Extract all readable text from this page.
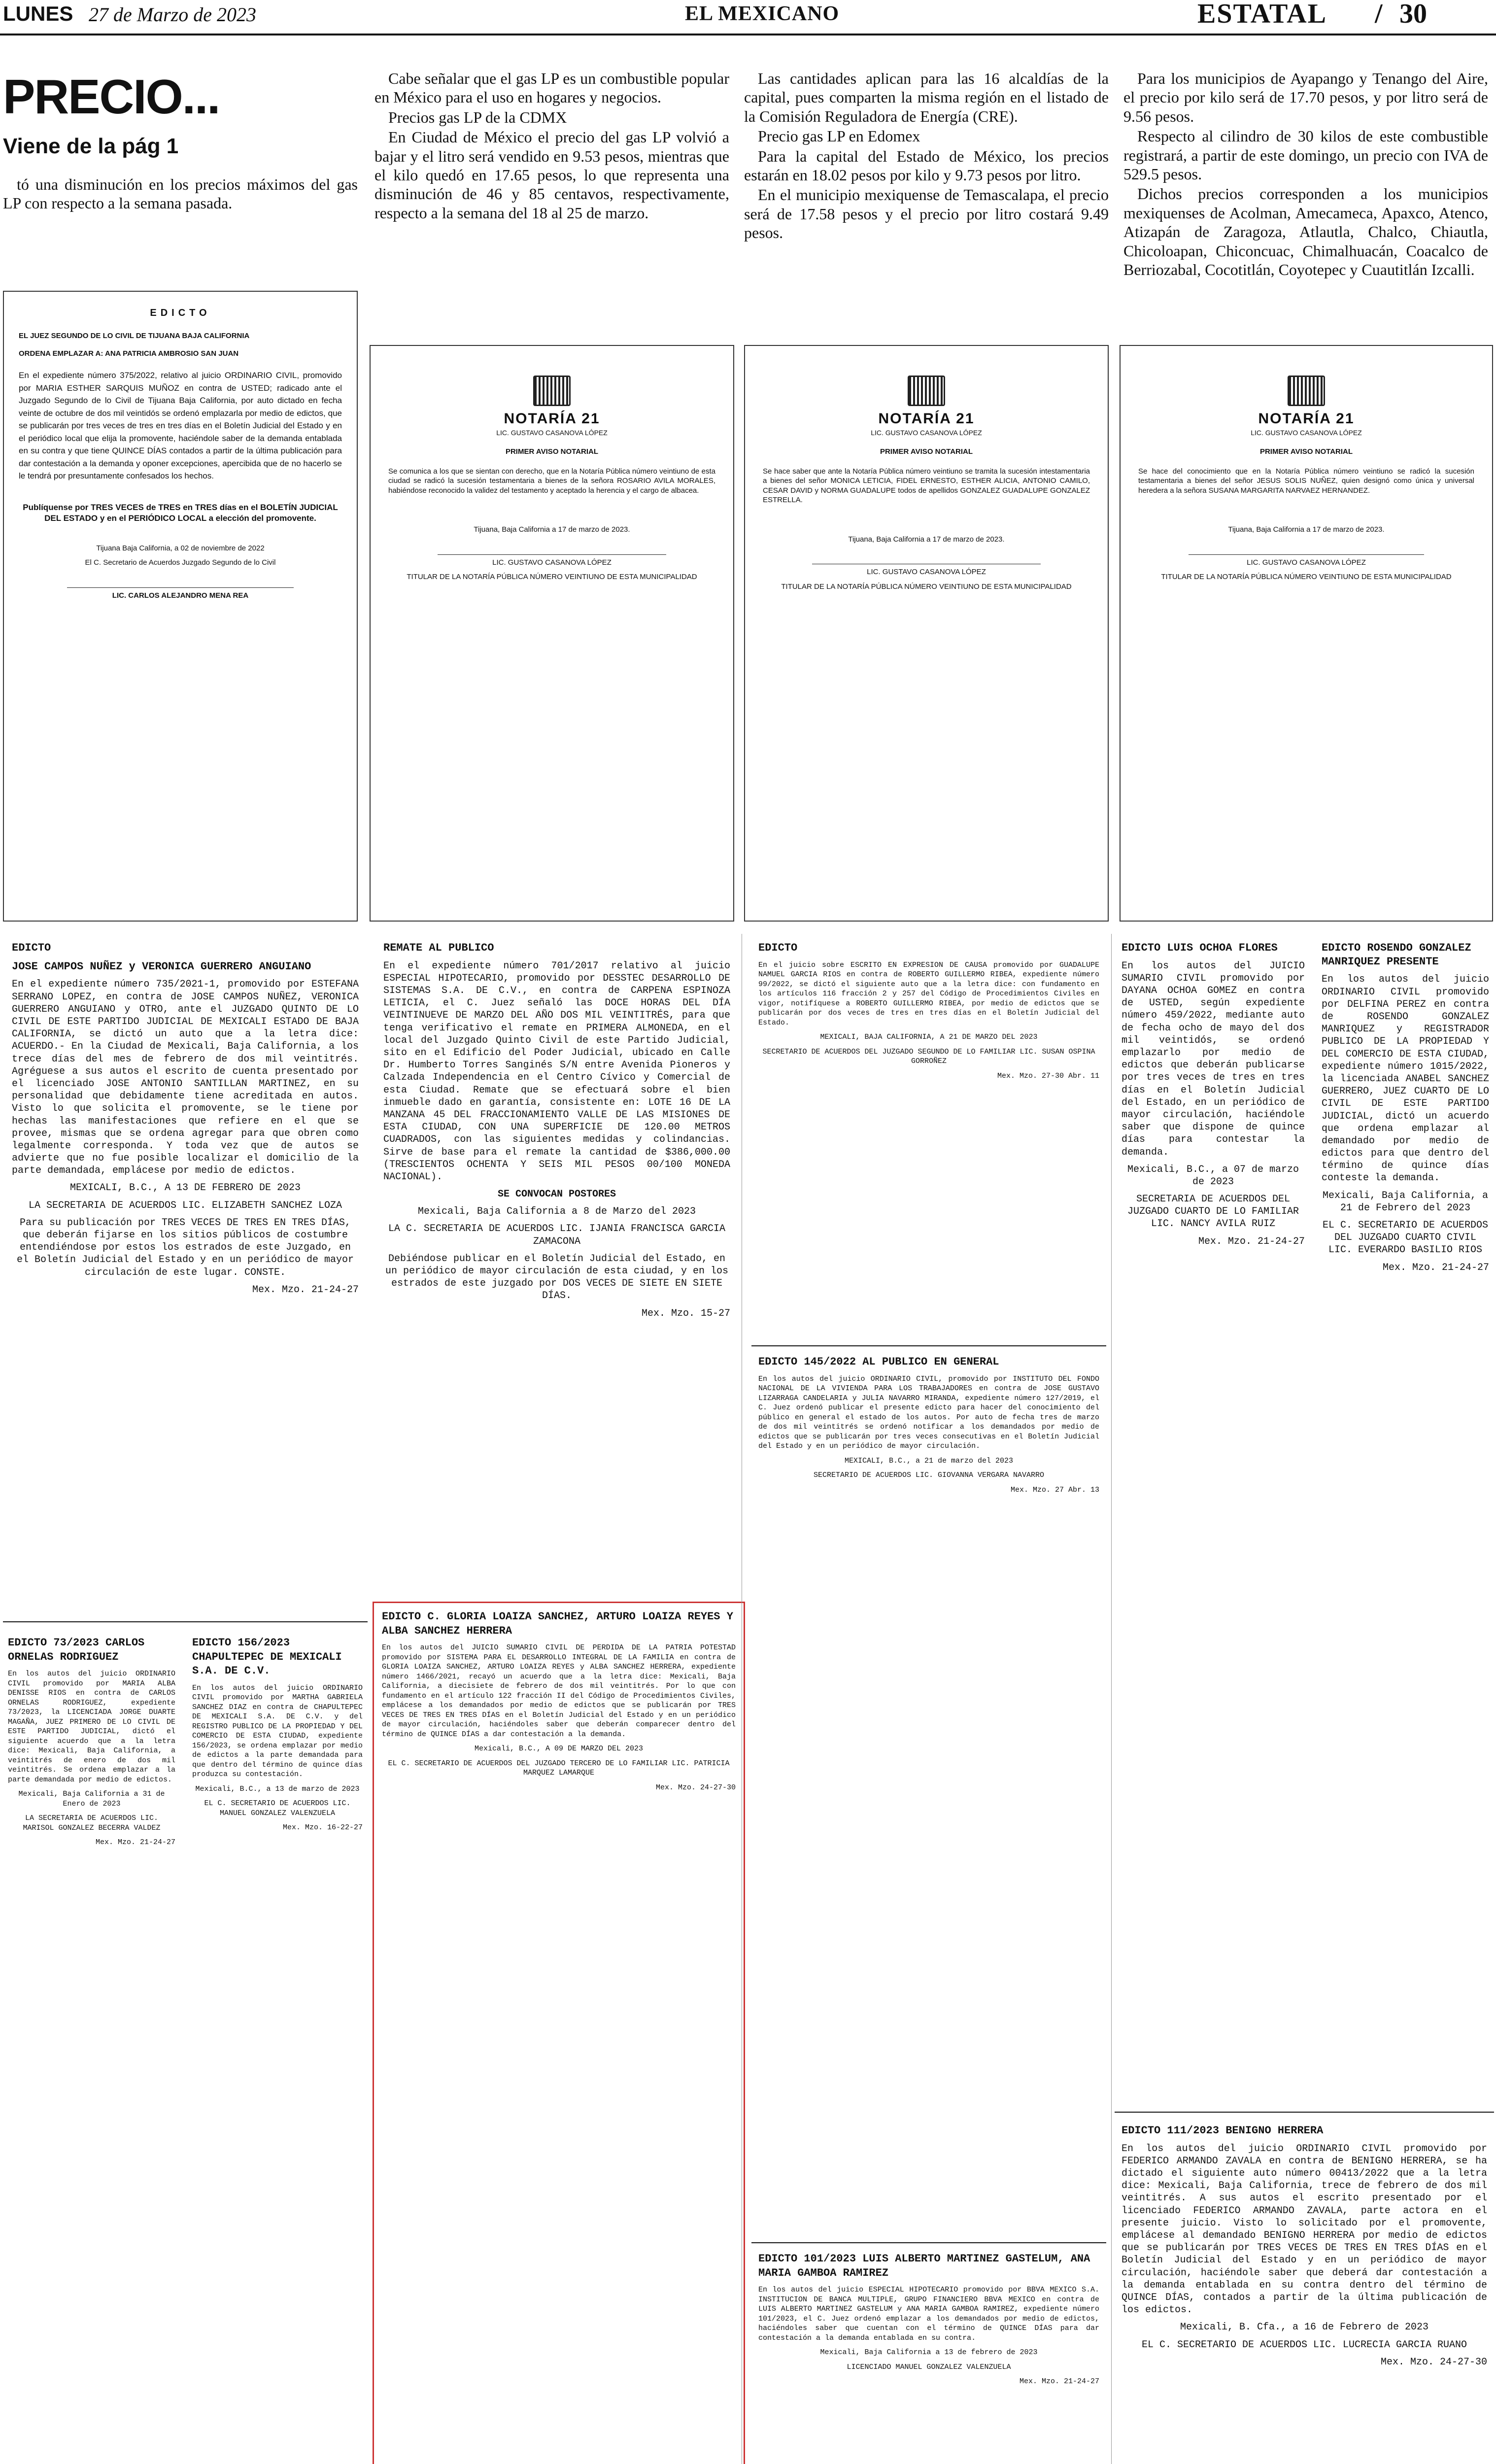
LUNES 27 de Marzo de 2023	EL MEXICANO	ESTATAL / 30
PRECIO...
Viene de la pág 1

tó una disminución en los precios máximos del gas LP con respecto a la semana pasada.

Cabe señalar que el gas LP es un combustible popular en México para el uso en hogares y negocios.

Precios gas LP de la CDMX

En Ciudad de México el precio del gas LP volvió a bajar y el litro será vendido en 9.53 pesos, mientras que el kilo quedó en 17.65 pesos, lo que representa una disminución de 46 y 85 centavos, respectivamente, respecto a la semana del 18 al 25 de marzo.

Las cantidades aplican para las 16 alcaldías de la capital, pues comparten la misma región en el listado de la Comisión Reguladora de Energía (CRE).

Precio gas LP en Edomex

Para la capital del Estado de México, los precios estarán en 18.02 pesos por kilo y 9.73 pesos por litro.

En el municipio mexiquense de Temascalapa, el precio será de 17.58 pesos y el precio por litro costará 9.49 pesos.

Para los municipios de Ayapango y Tenango del Aire, el precio por kilo será de 17.70 pesos, y por litro será de 9.56 pesos.

Respecto al cilindro de 30 kilos de este combustible registrará, a partir de este domingo, un precio con IVA de 529.5 pesos.

Dichos precios corresponden a los municipios mexiquenses de Acolman, Amecameca, Apaxco, Atenco, Atizapán de Zaragoza, Atlautla, Chalco, Chiautla, Chicoloapan, Chiconcuac, Chimalhuacán, Coacalco de Berriozabal, Cocotitlán, Coyotepec y Cuautitlán Izcalli.

EDICTO
EL JUEZ SEGUNDO DE LO CIVIL DE TIJUANA BAJA CALIFORNIA
ORDENA EMPLAZAR A: ANA PATRICIA AMBROSIO SAN JUAN

En el expediente número 375/2022, relativo al juicio ORDINARIO CIVIL, promovido por MARIA ESTHER SARQUIS MUÑOZ en contra de USTED; radicado ante el Juzgado Segundo de lo Civil de Tijuana Baja California, por auto dictado en fecha veinte de octubre de dos mil veintidós se ordenó emplazarla por medio de edictos, que se publicarán por tres veces de tres en tres días en el Boletín Judicial del Estado y en el periódico local que elija la promovente, haciéndole saber de la demanda entablada en su contra y que tiene QUINCE DÍAS contados a partir de la última publicación para dar contestación a la demanda y oponer excepciones, apercibida que de no hacerlo se le tendrá por presuntamente confesados los hechos.

Publíquense por TRES VECES de TRES en TRES días en el BOLETÍN JUDICIAL DEL ESTADO y en el PERIÓDICO LOCAL a elección del promovente.

Tijuana Baja California, a 02 de noviembre de 2022

El C. Secretario de Acuerdos Juzgado Segundo de lo Civil

LIC. CARLOS ALEJANDRO MENA REA

NOTARÍA 21
LIC. GUSTAVO CASANOVA LÓPEZ
PRIMER AVISO NOTARIAL

Se comunica a los que se sientan con derecho, que en la Notaría Pública número veintiuno de esta ciudad se radicó la sucesión testamentaria a bienes de la señora ROSARIO AVILA MORALES, habiéndose reconocido la validez del testamento y aceptado la herencia y el cargo de albacea.

Tijuana, Baja California a 17 de marzo de 2023.

LIC. GUSTAVO CASANOVA LÓPEZ

TITULAR DE LA NOTARÍA PÚBLICA NÚMERO VEINTIUNO DE ESTA MUNICIPALIDAD

NOTARÍA 21
LIC. GUSTAVO CASANOVA LÓPEZ
PRIMER AVISO NOTARIAL

Se hace saber que ante la Notaría Pública número veintiuno se tramita la sucesión intestamentaria a bienes del señor MONICA LETICIA, FIDEL ERNESTO, ESTHER ALICIA, ANTONIO CAMILO, CESAR DAVID y NORMA GUADALUPE todos de apellidos GONZALEZ GUADALUPE GONZALEZ ESTRELLA.

Tijuana, Baja California a 17 de marzo de 2023.

LIC. GUSTAVO CASANOVA LÓPEZ

TITULAR DE LA NOTARÍA PÚBLICA NÚMERO VEINTIUNO DE ESTA MUNICIPALIDAD

NOTARÍA 21
LIC. GUSTAVO CASANOVA LÓPEZ
PRIMER AVISO NOTARIAL

Se hace del conocimiento que en la Notaría Pública número veintiuno se radicó la sucesión testamentaria a bienes del señor JESUS SOLIS NUÑEZ, quien designó como única y universal heredera a la señora SUSANA MARGARITA NARVAEZ HERNANDEZ.

Tijuana, Baja California a 17 de marzo de 2023.

LIC. GUSTAVO CASANOVA LÓPEZ

TITULAR DE LA NOTARÍA PÚBLICA NÚMERO VEINTIUNO DE ESTA MUNICIPALIDAD

EDICTO
JOSE CAMPOS NUÑEZ y VERONICA GUERRERO ANGUIANO

En el expediente número 735/2021-1, promovido por ESTEFANA SERRANO LOPEZ, en contra de JOSE CAMPOS NUÑEZ, VERONICA GUERRERO ANGUIANO y OTRO, ante el JUZGADO QUINTO DE LO CIVIL DE ESTE PARTIDO JUDICIAL DE MEXICALI ESTADO DE BAJA CALIFORNIA, se dictó un auto que a la letra dice: ACUERDO.- En la Ciudad de Mexicali, Baja California, a los trece días del mes de febrero de dos mil veintitrés. Agréguese a sus autos el escrito de cuenta presentado por el licenciado JOSE ANTONIO SANTILLAN MARTINEZ, en su personalidad que debidamente tiene acreditada en autos. Visto lo que solicita el promovente, se le tiene por hechas las manifestaciones que refiere en el que se provee, mismas que se ordena agregar para que obren como legalmente corresponda. Y toda vez que de autos se advierte que no fue posible localizar el domicilio de la parte demandada, emplácese por medio de edictos.

MEXICALI, B.C., A 13 DE FEBRERO DE 2023

LA SECRETARIA DE ACUERDOS LIC. ELIZABETH SANCHEZ LOZA

Para su publicación por TRES VECES DE TRES EN TRES DÍAS, que deberán fijarse en los sitios públicos de costumbre entendiéndose por estos los estrados de este Juzgado, en el Boletín Judicial del Estado y en un periódico de mayor circulación de este lugar. CONSTE.

Mex. Mzo. 21-24-27

REMATE AL PUBLICO

En el expediente número 701/2017 relativo al juicio ESPECIAL HIPOTECARIO, promovido por DESSTEC DESARROLLO DE SISTEMAS S.A. DE C.V., en contra de CARPENA ESPINOZA LETICIA, el C. Juez señaló las DOCE HORAS DEL DÍA VEINTINUEVE DE MARZO DEL AÑO DOS MIL VEINTITRÉS, para que tenga verificativo el remate en PRIMERA ALMONEDA, en el local del Juzgado Quinto Civil de este Partido Judicial, sito en el Edificio del Poder Judicial, ubicado en Calle Dr. Humberto Torres Sanginés S/N entre Avenida Pioneros y Calzada Independencia en el Centro Cívico y Comercial de esta Ciudad. Remate que se efectuará sobre el bien inmueble dado en garantía, consistente en: LOTE 16 DE LA MANZANA 45 DEL FRACCIONAMIENTO VALLE DE LAS MISIONES DE ESTA CIUDAD, CON UNA SUPERFICIE DE 120.00 METROS CUADRADOS, con las siguientes medidas y colindancias. Sirve de base para el remate la cantidad de $386,000.00 (TRESCIENTOS OCHENTA Y SEIS MIL PESOS 00/100 MONEDA NACIONAL).

SE CONVOCAN POSTORES

Mexicali, Baja California a 8 de Marzo del 2023

LA C. SECRETARIA DE ACUERDOS LIC. IJANIA FRANCISCA GARCIA ZAMACONA

Debiéndose publicar en el Boletín Judicial del Estado, en un periódico de mayor circulación de esta ciudad, y en los estrados de este juzgado por DOS VECES DE SIETE EN SIETE DÍAS.

Mex. Mzo. 15-27

EDICTO

En el juicio sobre ESCRITO EN EXPRESION DE CAUSA promovido por GUADALUPE NAMUEL GARCIA RIOS en contra de ROBERTO GUILLERMO RIBEA, expediente número 99/2022, se dictó el siguiente auto que a la letra dice: con fundamento en los artículos 116 fracción 2 y 257 del Código de Procedimientos Civiles en vigor, notifíquese a ROBERTO GUILLERMO RIBEA, por medio de edictos que se publicarán por dos veces de tres en tres días en el Boletín Judicial del Estado.

MEXICALI, BAJA CALIFORNIA, A 21 DE MARZO DEL 2023

SECRETARIO DE ACUERDOS DEL JUZGADO SEGUNDO DE LO FAMILIAR LIC. SUSAN OSPINA GORROÑEZ

Mex. Mzo. 27-30 Abr. 11

EDICTO 145/2022 AL PUBLICO EN GENERAL

En los autos del juicio ORDINARIO CIVIL, promovido por INSTITUTO DEL FONDO NACIONAL DE LA VIVIENDA PARA LOS TRABAJADORES en contra de JOSE GUSTAVO LIZARRAGA CANDELARIA y JULIA NAVARRO MIRANDA, expediente número 127/2019, el C. Juez ordenó publicar el presente edicto para hacer del conocimiento del público en general el estado de los autos. Por auto de fecha tres de marzo de dos mil veintitrés se ordenó notificar a los demandados por medio de edictos que se publicarán por tres veces consecutivas en el Boletín Judicial del Estado y en un periódico de mayor circulación.

MEXICALI, B.C., a 21 de marzo del 2023

SECRETARIO DE ACUERDOS LIC. GIOVANNA VERGARA NAVARRO

Mex. Mzo. 27 Abr. 13

EDICTO 101/2023 LUIS ALBERTO MARTINEZ GASTELUM, ANA MARIA GAMBOA RAMIREZ

En los autos del juicio ESPECIAL HIPOTECARIO promovido por BBVA MEXICO S.A. INSTITUCION DE BANCA MULTIPLE, GRUPO FINANCIERO BBVA MEXICO en contra de LUIS ALBERTO MARTINEZ GASTELUM y ANA MARIA GAMBOA RAMIREZ, expediente número 101/2023, el C. Juez ordenó emplazar a los demandados por medio de edictos, haciéndoles saber que cuentan con el término de QUINCE DÍAS para dar contestación a la demanda entablada en su contra.

Mexicali, Baja California a 13 de febrero de 2023

LICENCIADO MANUEL GONZALEZ VALENZUELA

Mex. Mzo. 21-24-27

EDICTO LUIS OCHOA FLORES

En los autos del JUICIO SUMARIO CIVIL promovido por DAYANA OCHOA GOMEZ en contra de USTED, según expediente número 459/2022, mediante auto de fecha ocho de mayo del dos mil veintidós, se ordenó emplazarlo por medio de edictos que deberán publicarse por tres veces de tres en tres días en el Boletín Judicial del Estado, en un periódico de mayor circulación, haciéndole saber que dispone de quince días para contestar la demanda.

Mexicali, B.C., a 07 de marzo de 2023

SECRETARIA DE ACUERDOS DEL JUZGADO CUARTO DE LO FAMILIAR LIC. NANCY AVILA RUIZ

Mex. Mzo. 21-24-27

EDICTO ROSENDO GONZALEZ MANRIQUEZ PRESENTE

En los autos del juicio ORDINARIO CIVIL promovido por DELFINA PEREZ en contra de ROSENDO GONZALEZ MANRIQUEZ y REGISTRADOR PUBLICO DE LA PROPIEDAD Y DEL COMERCIO DE ESTA CIUDAD, expediente número 1015/2022, la licenciada ANABEL SANCHEZ GUERRERO, JUEZ CUARTO DE LO CIVIL DE ESTE PARTIDO JUDICIAL, dictó un acuerdo que ordena emplazar al demandado por medio de edictos para que dentro del término de quince días conteste la demanda.

Mexicali, Baja California, a 21 de Febrero del 2023

EL C. SECRETARIO DE ACUERDOS DEL JUZGADO CUARTO CIVIL LIC. EVERARDO BASILIO RIOS

Mex. Mzo. 21-24-27

EDICTO 73/2023 CARLOS ORNELAS RODRIGUEZ

En los autos del juicio ORDINARIO CIVIL promovido por MARIA ALBA DENISSE RIOS en contra de CARLOS ORNELAS RODRIGUEZ, expediente 73/2023, la LICENCIADA JORGE DUARTE MAGAÑA, JUEZ PRIMERO DE LO CIVIL DE ESTE PARTIDO JUDICIAL, dictó el siguiente acuerdo que a la letra dice: Mexicali, Baja California, a veintitrés de enero de dos mil veintitrés. Se ordena emplazar a la parte demandada por medio de edictos.

Mexicali, Baja California a 31 de Enero de 2023

LA SECRETARIA DE ACUERDOS LIC. MARISOL GONZALEZ BECERRA VALDEZ

Mex. Mzo. 21-24-27

EDICTO 156/2023 CHAPULTEPEC DE MEXICALI S.A. DE C.V.

En los autos del juicio ORDINARIO CIVIL promovido por MARTHA GABRIELA SANCHEZ DIAZ en contra de CHAPULTEPEC DE MEXICALI S.A. DE C.V. y del REGISTRO PUBLICO DE LA PROPIEDAD Y DEL COMERCIO DE ESTA CIUDAD, expediente 156/2023, se ordena emplazar por medio de edictos a la parte demandada para que dentro del término de quince días produzca su contestación.

Mexicali, B.C., a 13 de marzo de 2023

EL C. SECRETARIO DE ACUERDOS LIC. MANUEL GONZALEZ VALENZUELA

Mex. Mzo. 16-22-27

EDICTO C. GLORIA LOAIZA SANCHEZ, ARTURO LOAIZA REYES Y ALBA SANCHEZ HERRERA

En los autos del JUICIO SUMARIO CIVIL DE PERDIDA DE LA PATRIA POTESTAD promovido por SISTEMA PARA EL DESARROLLO INTEGRAL DE LA FAMILIA en contra de GLORIA LOAIZA SANCHEZ, ARTURO LOAIZA REYES y ALBA SANCHEZ HERRERA, expediente número 1466/2021, recayó un acuerdo que a la letra dice: Mexicali, Baja California, a diecisiete de febrero de dos mil veintitrés. Por lo que con fundamento en el artículo 122 fracción II del Código de Procedimientos Civiles, emplácese a los demandados por medio de edictos que se publicarán por TRES VECES DE TRES EN TRES DÍAS en el Boletín Judicial del Estado y en un periódico de mayor circulación, haciéndoles saber que deberán comparecer dentro del término de QUINCE DÍAS a dar contestación a la demanda.

Mexicali, B.C., A 09 DE MARZO DEL 2023

EL C. SECRETARIO DE ACUERDOS DEL JUZGADO TERCERO DE LO FAMILIAR LIC. PATRICIA MARQUEZ LAMARQUE

Mex. Mzo. 24-27-30

EDICTO 111/2023 BENIGNO HERRERA

En los autos del juicio ORDINARIO CIVIL promovido por FEDERICO ARMANDO ZAVALA en contra de BENIGNO HERRERA, se ha dictado el siguiente auto número 00413/2022 que a la letra dice: Mexicali, Baja California, trece de febrero de dos mil veintitrés. A sus autos el escrito presentado por el licenciado FEDERICO ARMANDO ZAVALA, parte actora en el presente juicio. Visto lo solicitado por el promovente, emplácese al demandado BENIGNO HERRERA por medio de edictos que se publicarán por TRES VECES DE TRES EN TRES DÍAS en el Boletín Judicial del Estado y en un periódico de mayor circulación, haciéndole saber que deberá dar contestación a la demanda entablada en su contra dentro del término de QUINCE DÍAS, contados a partir de la última publicación de los edictos.

Mexicali, B. Cfa., a 16 de Febrero de 2023

EL C. SECRETARIO DE ACUERDOS LIC. LUCRECIA GARCIA RUANO

Mex. Mzo. 24-27-30
